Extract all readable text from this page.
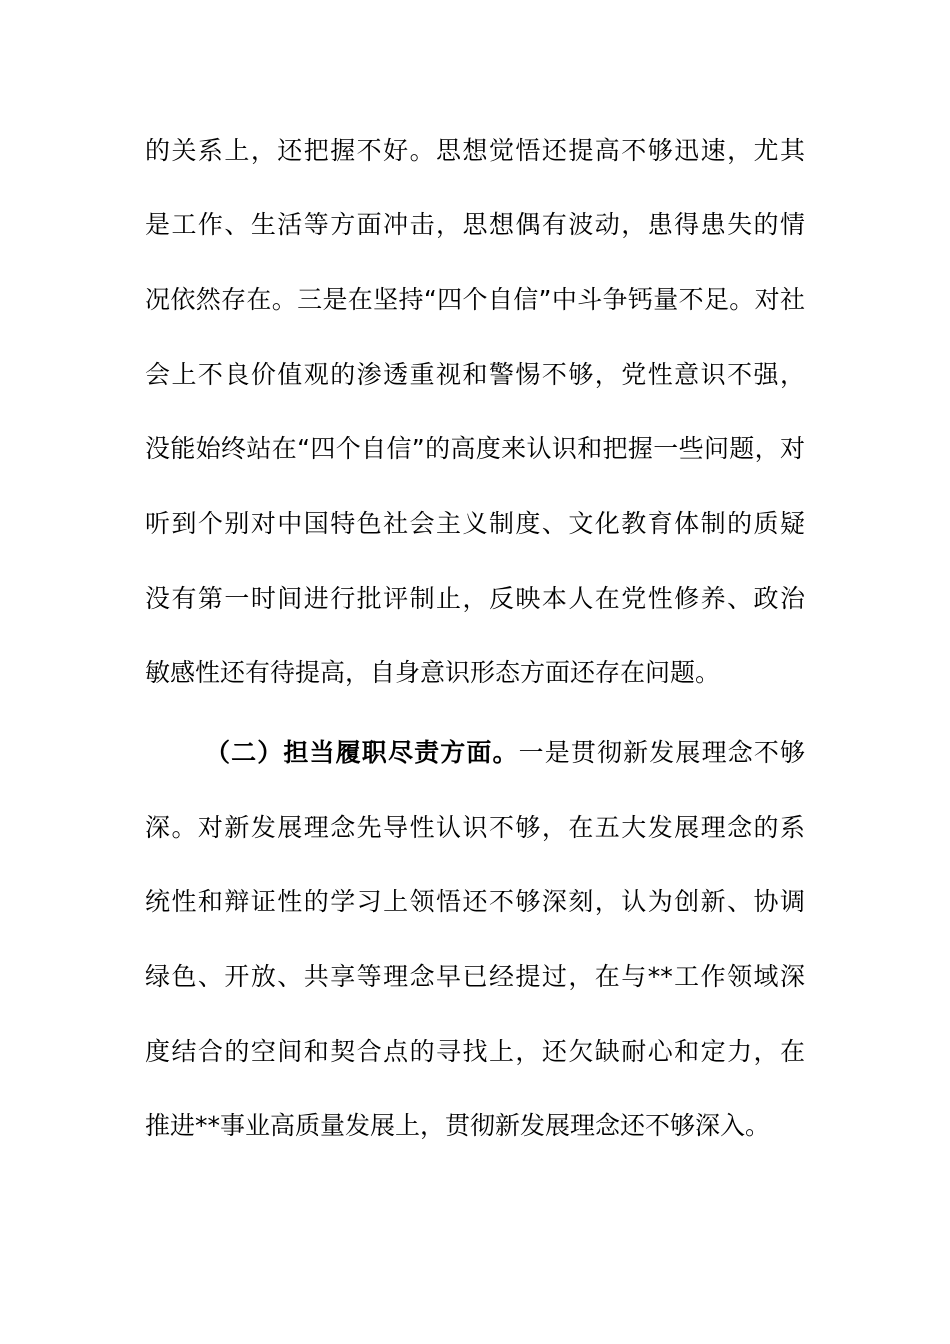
的关系上，还把握不好。思想觉悟还提高不够迅速，尤其
是工作、生活等方面冲击，思想偶有波动，患得患失的情
况依然存在。三是在坚持“四个自信”中斗争钙量不足。对社
会上不良价值观的渗透重视和警惕不够，党性意识不强，
没能始终站在“四个自信”的高度来认识和把握一些问题，对
听到个别对中国特色社会主义制度、文化教育体制的质疑
没有第一时间进行批评制止，反映本人在党性修养、政治
敏感性还有待提高，自身意识形态方面还存在问题。
（二）担当履职尽责方面。一是贯彻新发展理念不够
深。对新发展理念先导性认识不够，在五大发展理念的系
统性和辩证性的学习上领悟还不够深刻，认为创新、协调
绿色、开放、共享等理念早已经提过，在与**工作领域深
度结合的空间和契合点的寻找上，还欠缺耐心和定力，在
推进**事业高质量发展上，贯彻新发展理念还不够深入。
